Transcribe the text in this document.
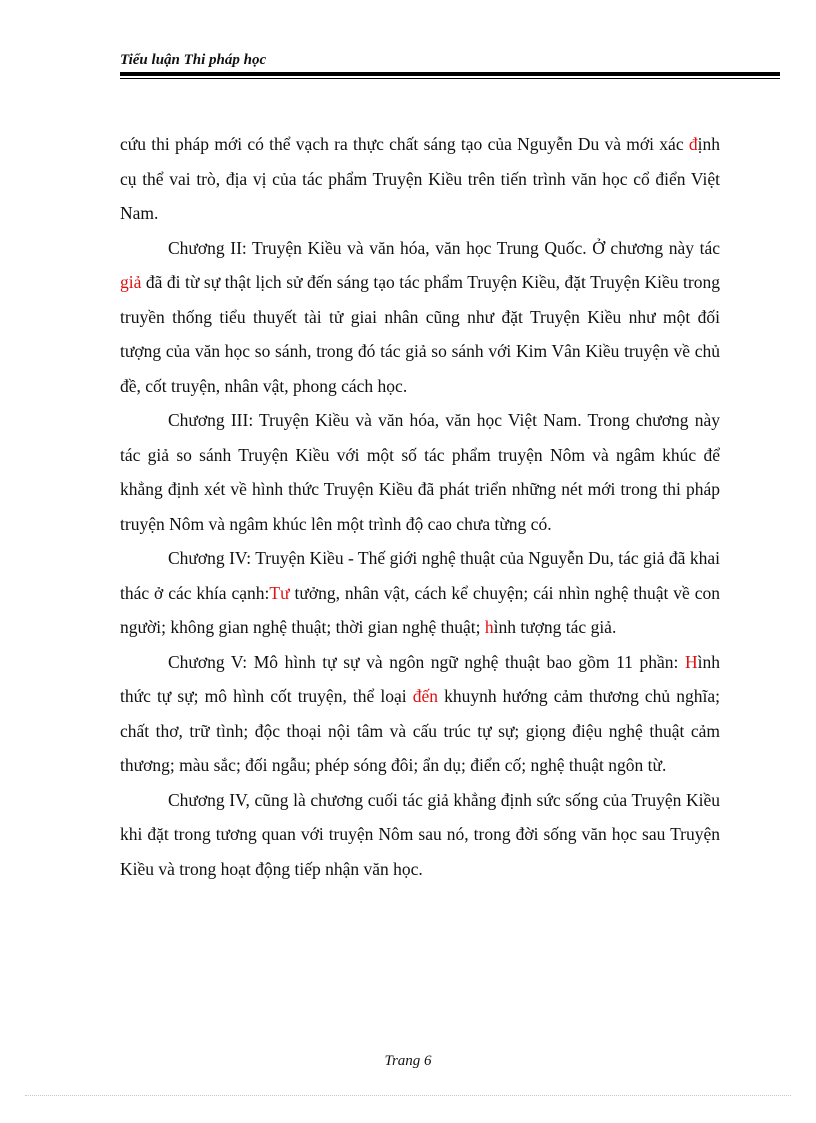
Tiểu luận Thi pháp học

cứu thi pháp mới có thể vạch ra thực chất sáng tạo của Nguyễn Du và mới xác định cụ thể vai trò, địa vị của tác phẩm Truyện Kiều trên tiến trình văn học cổ điển Việt Nam.

Chương II: Truyện Kiều và văn hóa, văn học Trung Quốc. Ở chương này tác giả đã đi từ sự thật lịch sử đến sáng tạo tác phẩm Truyện Kiều, đặt Truyện Kiều trong truyền thống tiểu thuyết tài tử giai nhân cũng như đặt Truyện Kiều như một đối tượng của văn học so sánh, trong đó tác giả so sánh với Kim Vân Kiều truyện về chủ đề, cốt truyện, nhân vật, phong cách học.

Chương III: Truyện Kiều và văn hóa, văn học Việt Nam. Trong chương này tác giả so sánh Truyện Kiều với một số tác phẩm truyện Nôm và ngâm khúc để khẳng định xét về hình thức Truyện Kiều đã phát triển những nét mới trong thi pháp truyện Nôm và ngâm khúc lên một trình độ cao chưa từng có.

Chương IV: Truyện Kiều - Thế giới nghệ thuật của Nguyễn Du, tác giả đã khai thác ở các khía cạnh:Tư tưởng, nhân vật, cách kể chuyện; cái nhìn nghệ thuật về con người; không gian nghệ thuật; thời gian nghệ thuật; hình tượng tác giả.

Chương V: Mô hình tự sự và ngôn ngữ nghệ thuật bao gồm 11 phần: Hình thức tự sự; mô hình cốt truyện, thể loại đến khuynh hướng cảm thương chủ nghĩa; chất thơ, trữ tình; độc thoại nội tâm và cấu trúc tự sự; giọng điệu nghệ thuật cảm thương; màu sắc; đối ngẫu; phép sóng đôi; ẩn dụ; điển cố; nghệ thuật ngôn từ.

Chương IV, cũng là chương cuối tác giả khẳng định sức sống của Truyện Kiều khi đặt trong tương quan với truyện Nôm sau nó, trong đời sống văn học sau Truyện Kiều và trong hoạt động tiếp nhận văn học.

Trang 6
